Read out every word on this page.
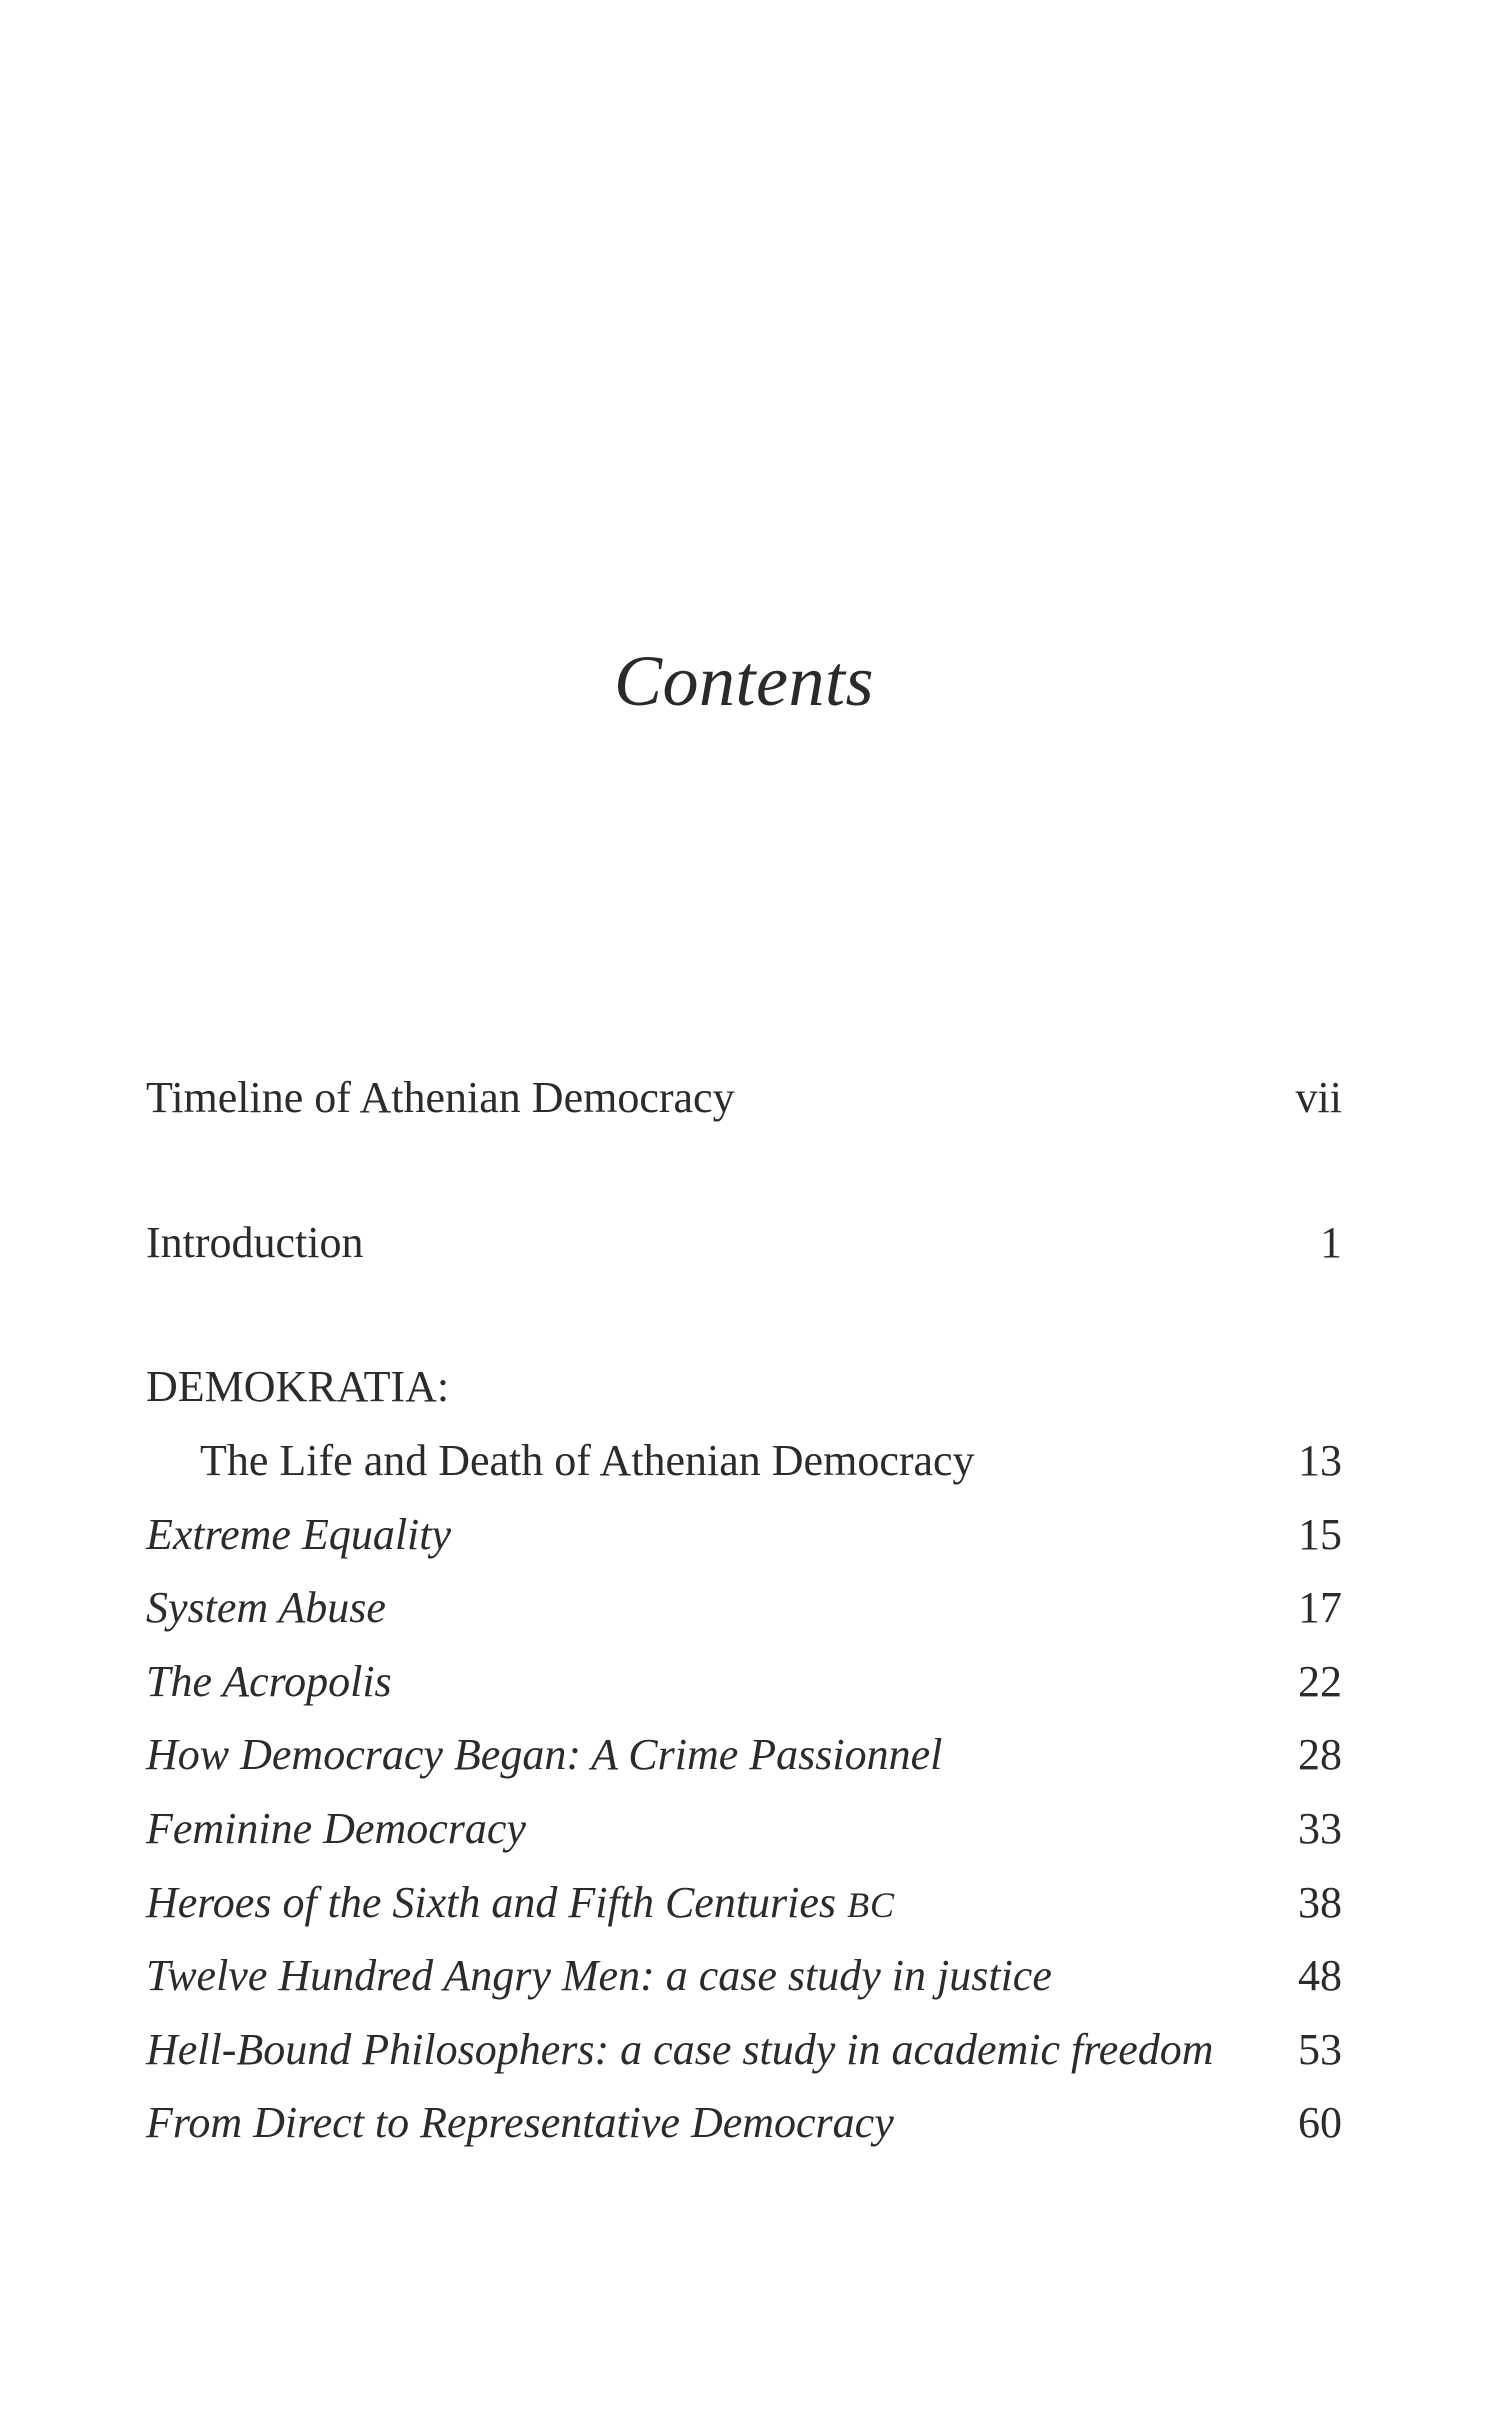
Contents
Timeline of Athenian Democracy	vii
Introduction	1
DEMOKRATIA:
The Life and Death of Athenian Democracy	13
Extreme Equality	15
System Abuse	17
The Acropolis	22
How Democracy Began: A Crime Passionnel	28
Feminine Democracy	33
Heroes of the Sixth and Fifth Centuries BC	38
Twelve Hundred Angry Men: a case study in justice	48
Hell-Bound Philosophers: a case study in academic freedom 53
From Direct to Representative Democracy	60
